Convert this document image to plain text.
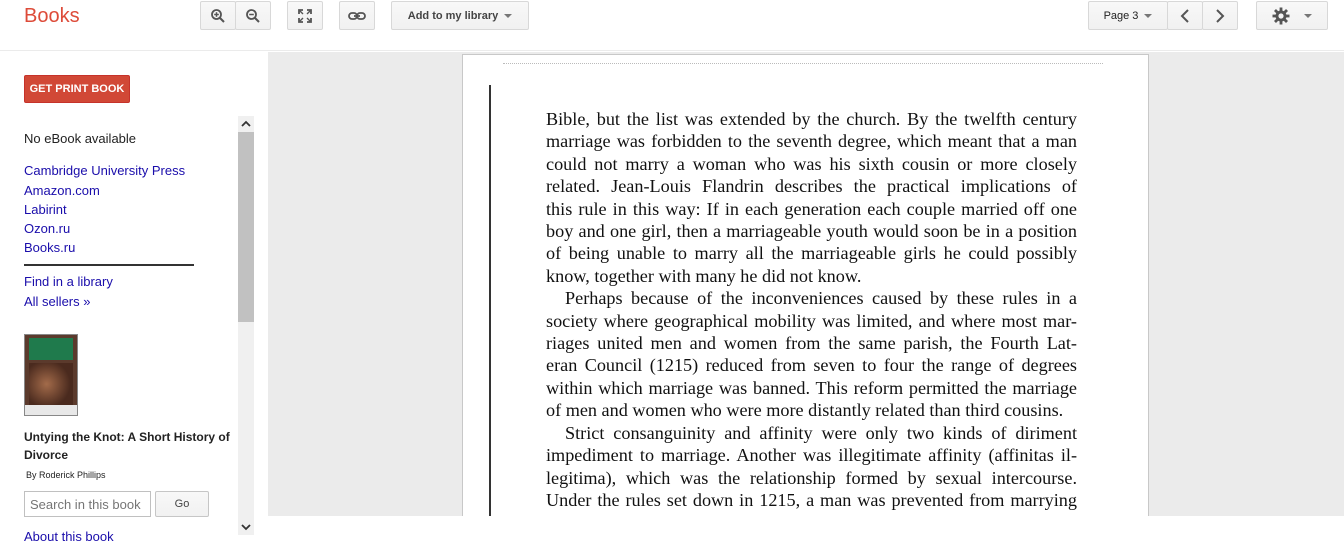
Books	Add to my library	Page 3
GET PRINT BOOK
No eBook available
Cambridge University Press
Amazon.com
Labirint
Ozon.ru
Books.ru
Find in a library
All sellers »
Untying the Knot: A Short History of Divorce
By Roderick Phillips
Search in this book
Go
About this book
Bible, but the list was extended by the church. By the twelfth century
marriage was forbidden to the seventh degree, which meant that a man
could not marry a woman who was his sixth cousin or more closely
related. Jean-Louis Flandrin describes the practical implications of
this rule in this way: If in each generation each couple married off one
boy and one girl, then a marriageable youth would soon be in a position
of being unable to marry all the marriageable girls he could possibly
know, together with many he did not know.
Perhaps because of the inconveniences caused by these rules in a
society where geographical mobility was limited, and where most mar-
riages united men and women from the same parish, the Fourth Lat-
eran Council (1215) reduced from seven to four the range of degrees
within which marriage was banned. This reform permitted the marriage
of men and women who were more distantly related than third cousins.
Strict consanguinity and affinity were only two kinds of diriment
impediment to marriage. Another was illegitimate affinity (affinitas il-
legitima), which was the relationship formed by sexual intercourse.
Under the rules set down in 1215, a man was prevented from marrying
